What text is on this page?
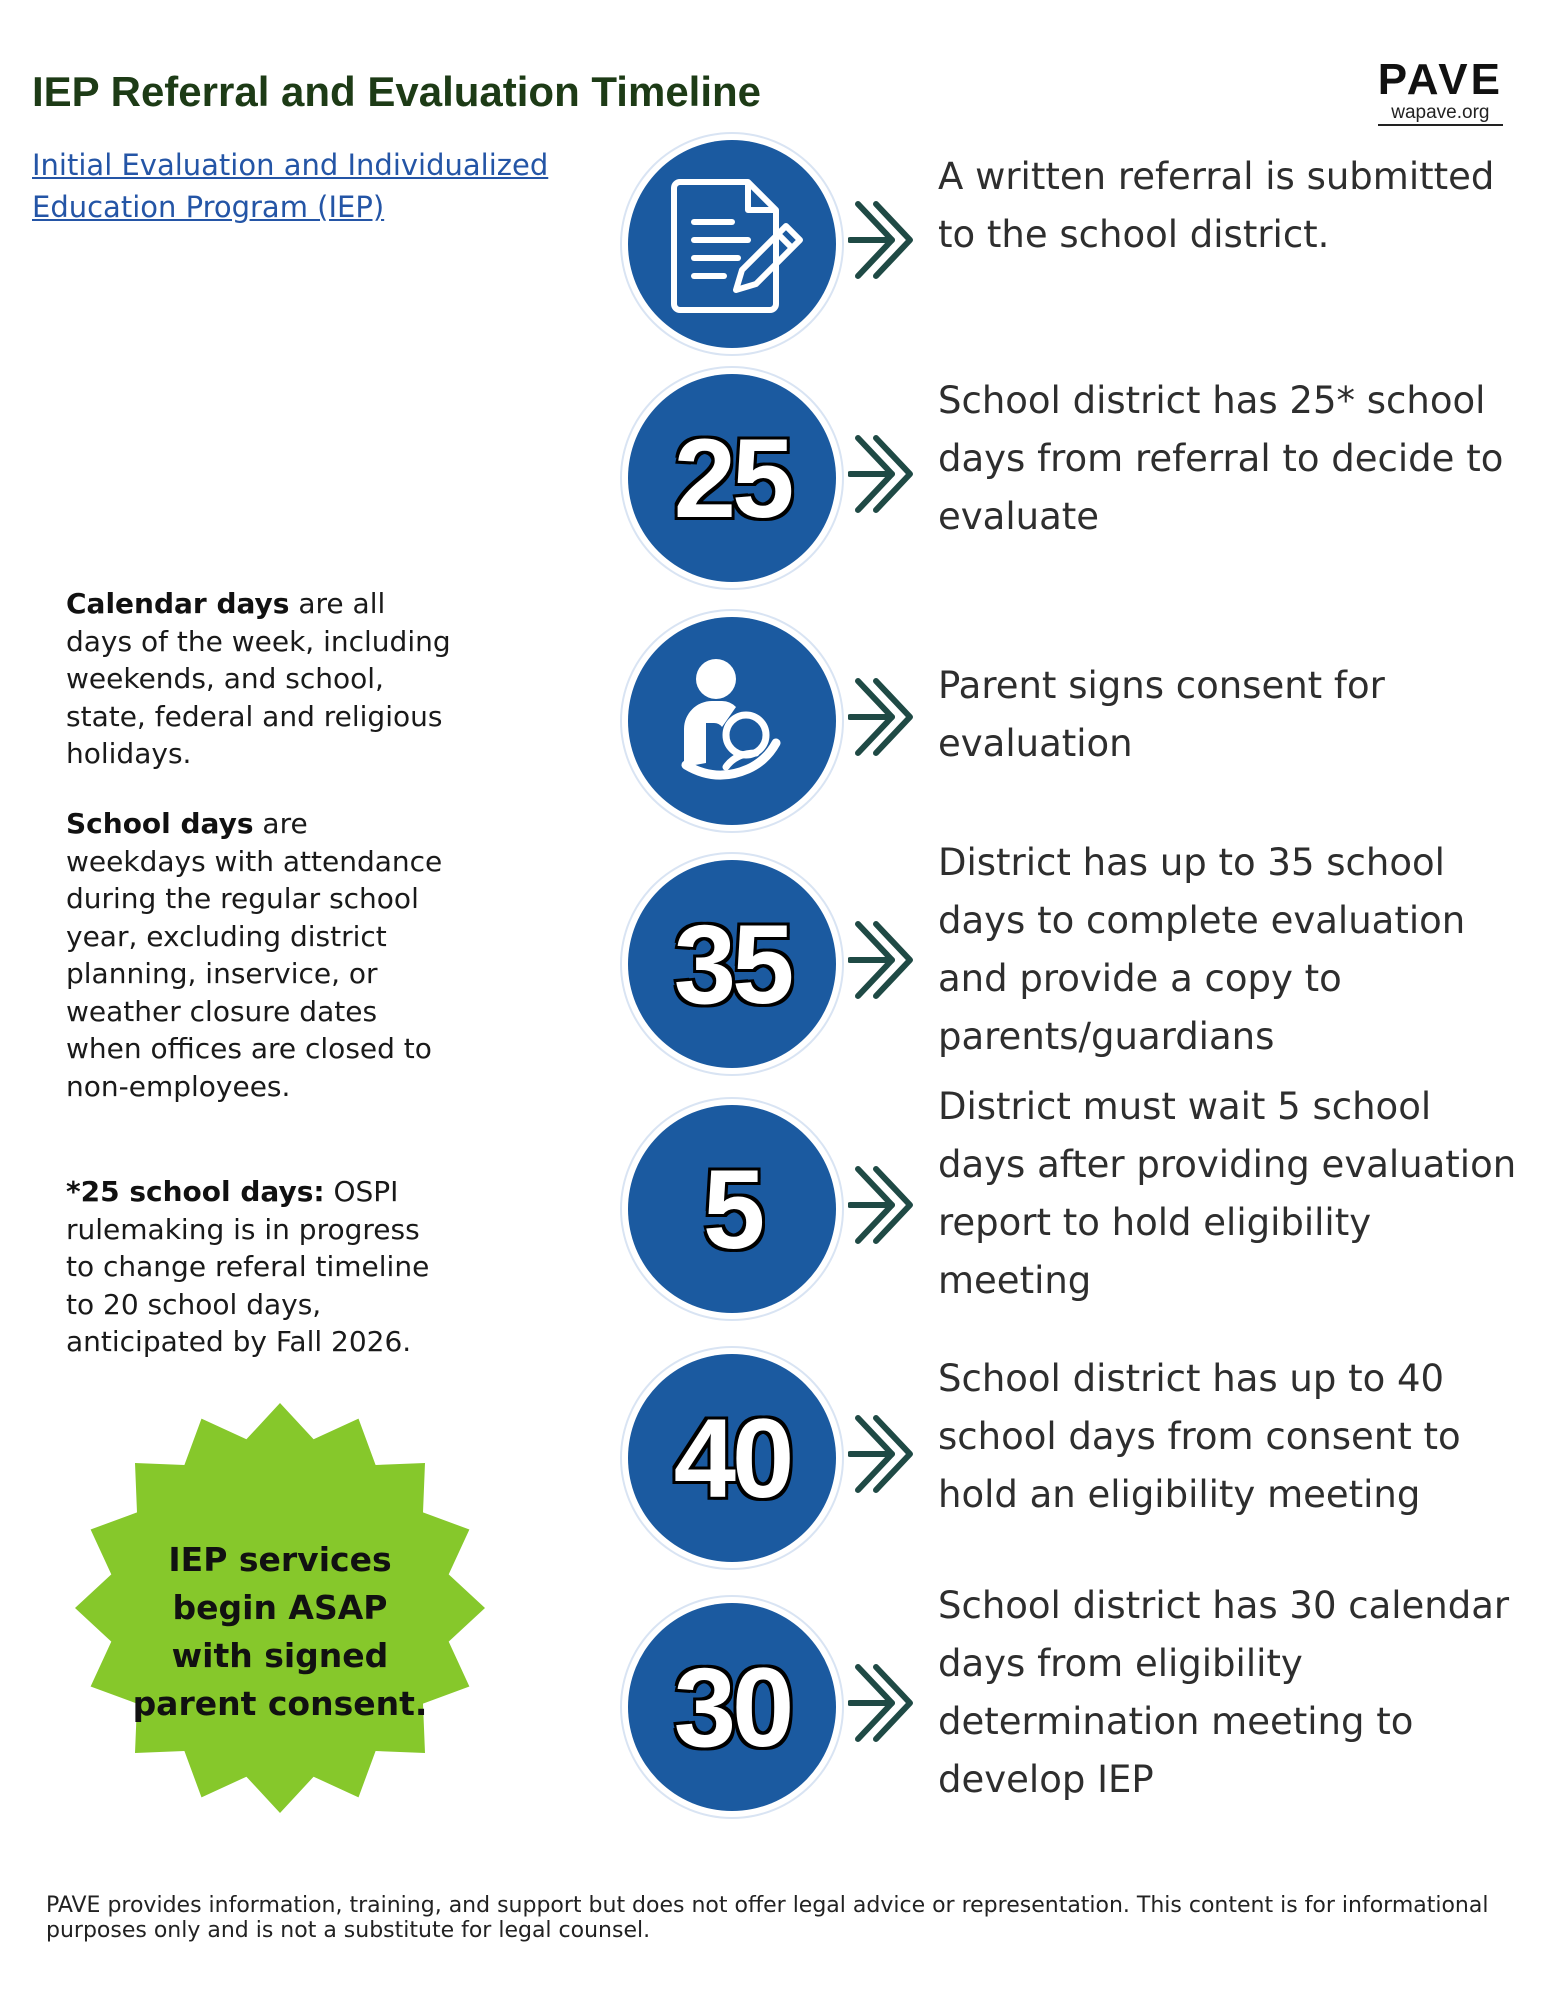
IEP Referral and Evaluation Timeline	PAVE
wapave.org
Initial Evaluation and Individualized Education Program (IEP)
Calendar days are all days of the week, including weekends, and school, state, federal and religious holidays.
School days are weekdays with attendance during the regular school year, excluding district planning, inservice, or weather closure dates when offices are closed to non-employees.
*25 school days: OSPI rulemaking is in progress to change referal timeline to 20 school days, anticipated by Fall 2026.
IEP services begin ASAP with signed parent consent.
A written referral is submitted to the school district.
25
School district has 25* school days from referral to decide to evaluate
Parent signs consent for evaluation
35
District has up to 35 school days to complete evaluation and provide a copy to parents/guardians
5
District must wait 5 school days after providing evaluation report to hold eligibility meeting
40
School district has up to 40 school days from consent to hold an eligibility meeting
30
School district has 30 calendar days from eligibility determination meeting to develop IEP
PAVE provides information, training, and support but does not offer legal advice or representation. This content is for informational purposes only and is not a substitute for legal counsel.
